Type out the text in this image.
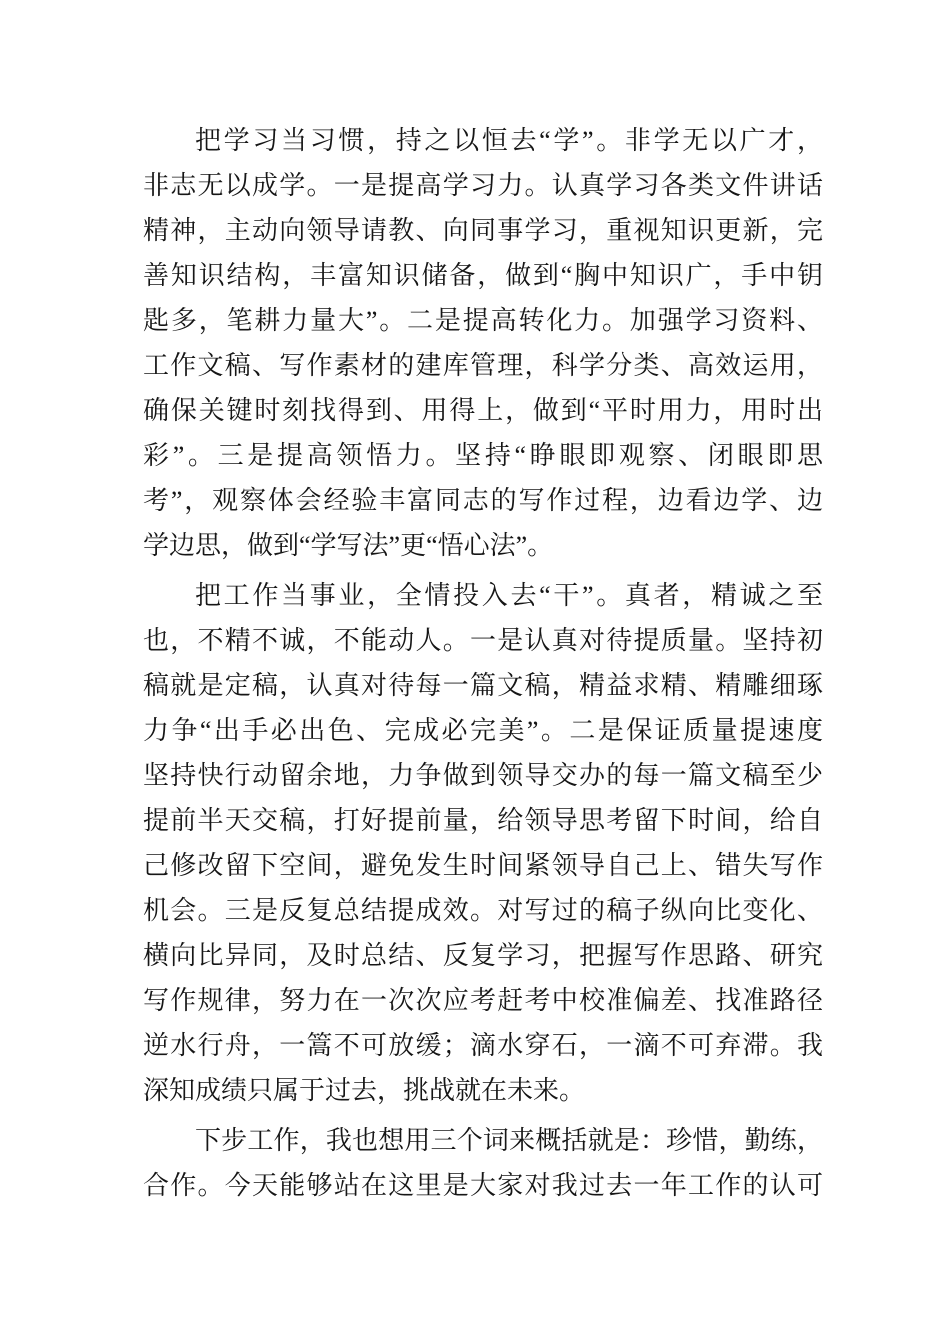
把学习当习惯，持之以恒去“学”。非学无以广才，
非志无以成学。一是提高学习力。认真学习各类文件讲话
精神，主动向领导请教、向同事学习，重视知识更新，完
善知识结构，丰富知识储备，做到“胸中知识广，手中钥
匙多，笔耕力量大”。二是提高转化力。加强学习资料、
工作文稿、写作素材的建库管理，科学分类、高效运用，
确保关键时刻找得到、用得上，做到“平时用力，用时出
彩”。三是提高领悟力。坚持“睁眼即观察、闭眼即思
考”，观察体会经验丰富同志的写作过程，边看边学、边
学边思，做到“学写法”更“悟心法”。
把工作当事业，全情投入去“干”。真者，精诚之至
也，不精不诚，不能动人。一是认真对待提质量。坚持初
稿就是定稿，认真对待每一篇文稿，精益求精、精雕细琢
力争“出手必出色、完成必完美”。二是保证质量提速度
坚持快行动留余地，力争做到领导交办的每一篇文稿至少
提前半天交稿，打好提前量，给领导思考留下时间，给自
己修改留下空间，避免发生时间紧领导自己上、错失写作
机会。三是反复总结提成效。对写过的稿子纵向比变化、
横向比异同，及时总结、反复学习，把握写作思路、研究
写作规律，努力在一次次应考赶考中校准偏差、找准路径
逆水行舟，一篙不可放缓；滴水穿石，一滴不可弃滞。我
深知成绩只属于过去，挑战就在未来。
下步工作，我也想用三个词来概括就是：珍惜，勤练，
合作。今天能够站在这里是大家对我过去一年工作的认可
